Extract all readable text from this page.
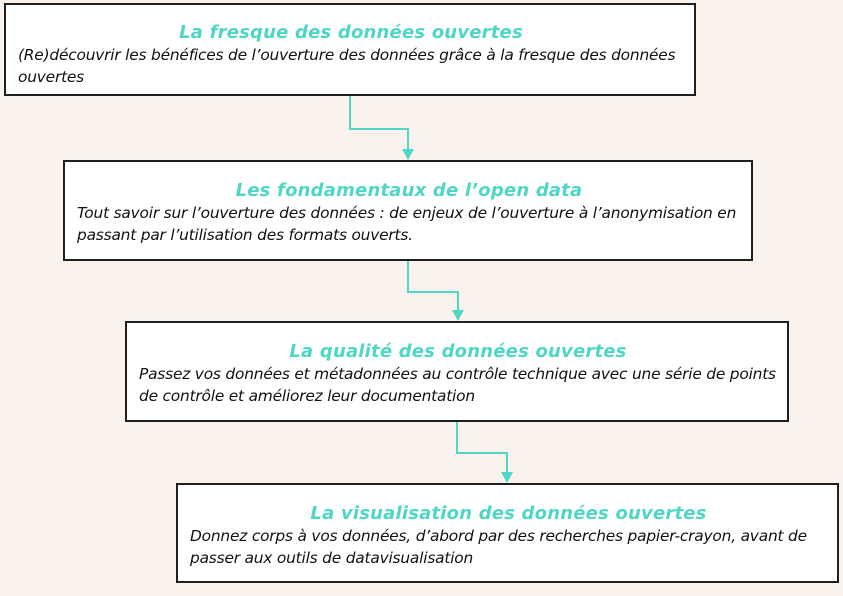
La fresque des données ouvertes
(Re)découvrir les bénéfices de l’ouverture des données grâce à la fresque des données ouvertes
Les fondamentaux de l’open data
Tout savoir sur l’ouverture des données : de enjeux de l’ouverture à l’anonymisation en passant par l’utilisation des formats ouverts.
La qualité des données ouvertes
Passez vos données et métadonnées au contrôle technique avec une série de points de contrôle et améliorez leur documentation
La visualisation des données ouvertes
Donnez corps à vos données, d’abord par des recherches papier-crayon, avant de passer aux outils de datavisualisation
